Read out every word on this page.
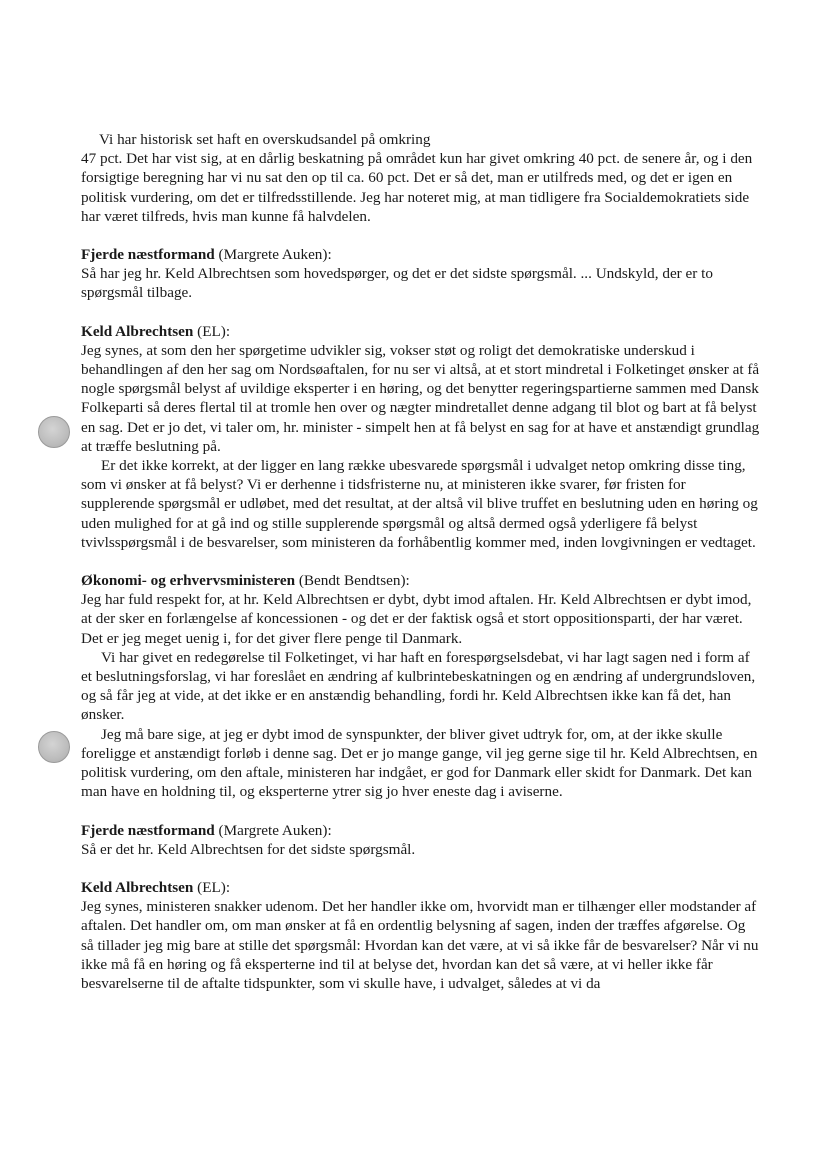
Vi har historisk set haft en overskudsandel på omkring
47 pct. Det har vist sig, at en dårlig beskatning på området kun har givet omkring 40 pct. de senere år, og i den forsigtige beregning har vi nu sat den op til ca. 60 pct. Det er så det, man er utilfreds med, og det er igen en politisk vurdering, om det er tilfredsstillende. Jeg har noteret mig, at man tidligere fra Socialdemokratiets side har været tilfreds, hvis man kunne få halvdelen.

Fjerde næstformand (Margrete Auken):

Så har jeg hr. Keld Albrechtsen som hovedspørger, og det er det sidste spørgsmål. ... Undskyld, der er to spørgsmål tilbage.

Keld Albrechtsen (EL):

Jeg synes, at som den her spørgetime udvikler sig, vokser støt og roligt det demokratiske underskud i behandlingen af den her sag om Nordsøaftalen, for nu ser vi altså, at et stort mindretal i Folketinget ønsker at få nogle spørgsmål belyst af uvildige eksperter i en høring, og det benytter regeringspartierne sammen med Dansk Folkeparti så deres flertal til at tromle hen over og nægter mindretallet denne adgang til blot og bart at få belyst en sag. Det er jo det, vi taler om, hr. minister - simpelt hen at få belyst en sag for at have et anstændigt grundlag at træffe beslutning på.

Er det ikke korrekt, at der ligger en lang række ubesvarede spørgsmål i udvalget netop omkring disse ting, som vi ønsker at få belyst? Vi er derhenne i tidsfristerne nu, at ministeren ikke svarer, før fristen for supplerende spørgsmål er udløbet, med det resultat, at der altså vil blive truffet en beslutning uden en høring og uden mulighed for at gå ind og stille supplerende spørgsmål og altså dermed også yderligere få belyst tvivlsspørgsmål i de besvarelser, som ministeren da forhåbentlig kommer med, inden lovgivningen er vedtaget.

Økonomi- og erhvervsministeren (Bendt Bendtsen):

Jeg har fuld respekt for, at hr. Keld Albrechtsen er dybt, dybt imod aftalen. Hr. Keld Albrechtsen er dybt imod, at der sker en forlængelse af koncessionen - og det er der faktisk også et stort oppositionsparti, der har været. Det er jeg meget uenig i, for det giver flere penge til Danmark.

Vi har givet en redegørelse til Folketinget, vi har haft en forespørgselsdebat, vi har lagt sagen ned i form af et beslutningsforslag, vi har foreslået en ændring af kulbrintebeskatningen og en ændring af undergrundsloven, og så får jeg at vide, at det ikke er en anstændig behandling, fordi hr. Keld Albrechtsen ikke kan få det, han ønsker.

Jeg må bare sige, at jeg er dybt imod de synspunkter, der bliver givet udtryk for, om, at der ikke skulle foreligge et anstændigt forløb i denne sag. Det er jo mange gange, vil jeg gerne sige til hr. Keld Albrechtsen, en politisk vurdering, om den aftale, ministeren har indgået, er god for Danmark eller skidt for Danmark. Det kan man have en holdning til, og eksperterne ytrer sig jo hver eneste dag i aviserne.

Fjerde næstformand (Margrete Auken):

Så er det hr. Keld Albrechtsen for det sidste spørgsmål.

Keld Albrechtsen (EL):

Jeg synes, ministeren snakker udenom. Det her handler ikke om, hvorvidt man er tilhænger eller modstander af aftalen. Det handler om, om man ønsker at få en ordentlig belysning af sagen, inden der træffes afgørelse. Og så tillader jeg mig bare at stille det spørgsmål: Hvordan kan det være, at vi så ikke får de besvarelser? Når vi nu ikke må få en høring og få eksperterne ind til at belyse det, hvordan kan det så være, at vi heller ikke får besvarelserne til de aftalte tidspunkter, som vi skulle have, i udvalget, således at vi da
